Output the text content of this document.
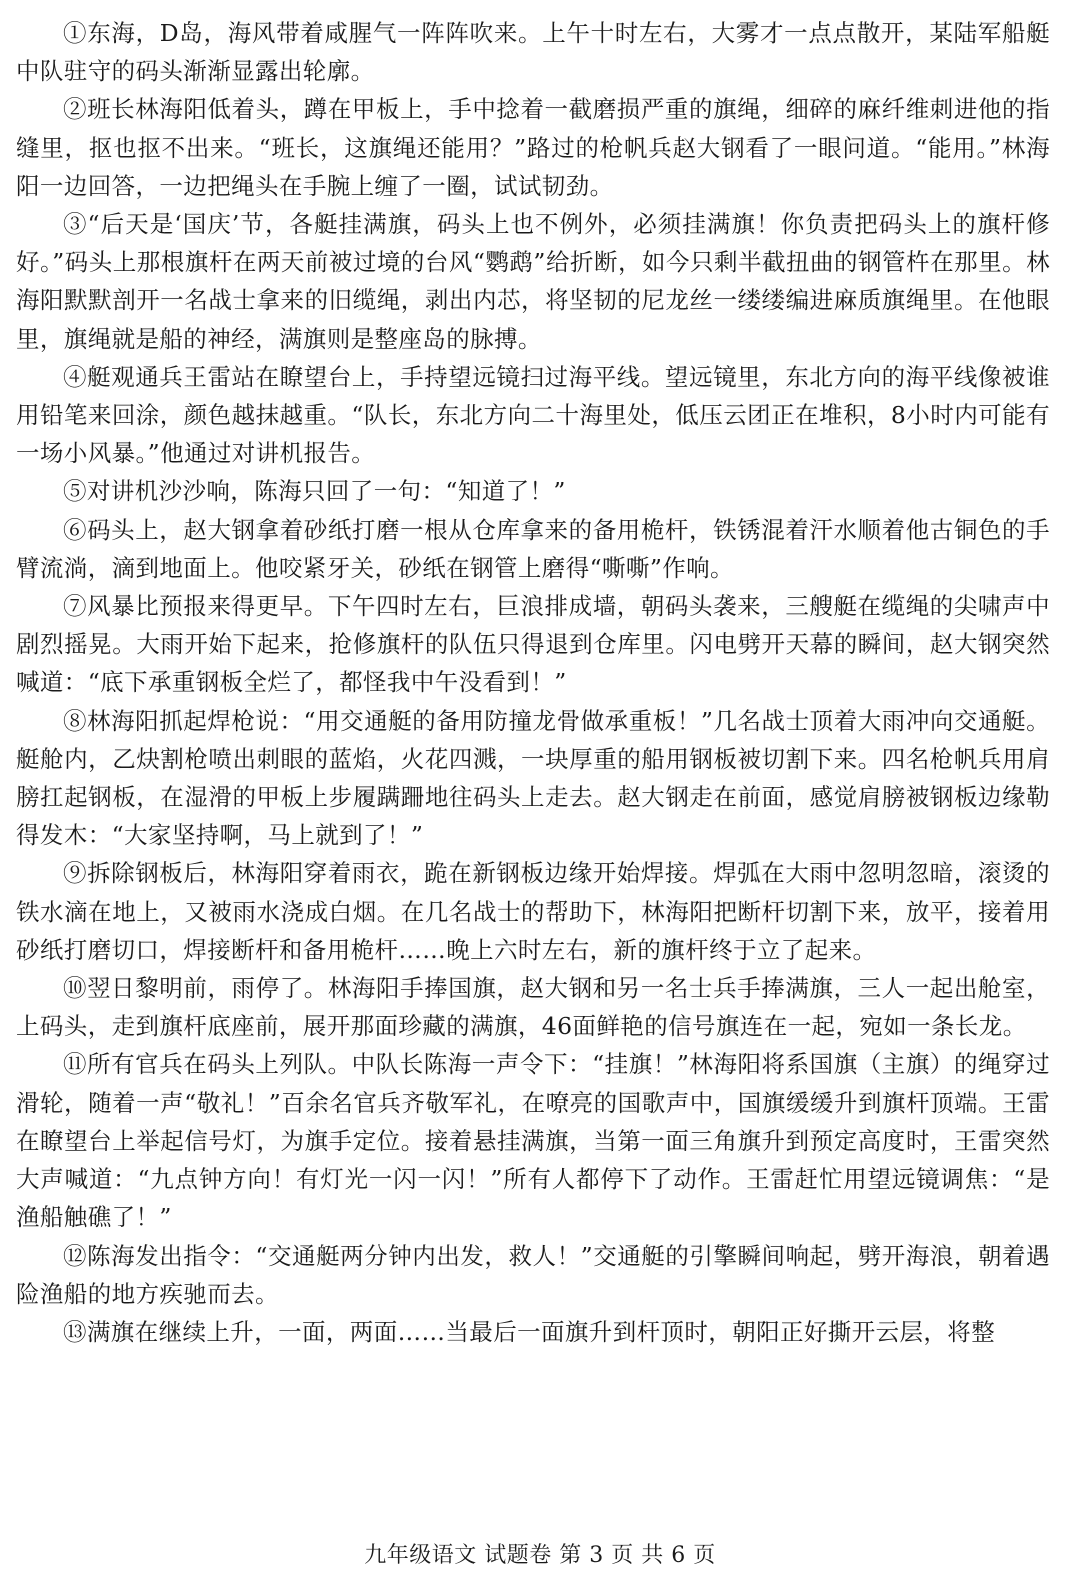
①东海，D岛，海风带着咸腥气一阵阵吹来。上午十时左右，大雾才一点点散开，某陆军船艇中队驻守的码头渐渐显露出轮廓。

②班长林海阳低着头，蹲在甲板上，手中捻着一截磨损严重的旗绳，细碎的麻纤维刺进他的指缝里，抠也抠不出来。“班长，这旗绳还能用？”路过的枪帆兵赵大钢看了一眼问道。“能用。”林海阳一边回答，一边把绳头在手腕上缠了一圈，试试韧劲。

③“后天是‘国庆’节，各艇挂满旗，码头上也不例外，必须挂满旗！你负责把码头上的旗杆修好。”码头上那根旗杆在两天前被过境的台风“鹦鹉”给折断，如今只剩半截扭曲的钢管杵在那里。林海阳默默剖开一名战士拿来的旧缆绳，剥出内芯，将坚韧的尼龙丝一缕缕编进麻质旗绳里。在他眼里，旗绳就是船的神经，满旗则是整座岛的脉搏。

④艇观通兵王雷站在瞭望台上，手持望远镜扫过海平线。望远镜里，东北方向的海平线像被谁用铅笔来回涂，颜色越抹越重。“队长，东北方向二十海里处，低压云团正在堆积，8小时内可能有一场小风暴。”他通过对讲机报告。

⑤对讲机沙沙响，陈海只回了一句：“知道了！”

⑥码头上，赵大钢拿着砂纸打磨一根从仓库拿来的备用桅杆，铁锈混着汗水顺着他古铜色的手臂流淌，滴到地面上。他咬紧牙关，砂纸在钢管上磨得“嘶嘶”作响。

⑦风暴比预报来得更早。下午四时左右，巨浪排成墙，朝码头袭来，三艘艇在缆绳的尖啸声中剧烈摇晃。大雨开始下起来，抢修旗杆的队伍只得退到仓库里。闪电劈开天幕的瞬间，赵大钢突然喊道：“底下承重钢板全烂了，都怪我中午没看到！”

⑧林海阳抓起焊枪说：“用交通艇的备用防撞龙骨做承重板！”几名战士顶着大雨冲向交通艇。艇舱内，乙炔割枪喷出刺眼的蓝焰，火花四溅，一块厚重的船用钢板被切割下来。四名枪帆兵用肩膀扛起钢板，在湿滑的甲板上步履蹒跚地往码头上走去。赵大钢走在前面，感觉肩膀被钢板边缘勒得发木：“大家坚持啊，马上就到了！”

⑨拆除钢板后，林海阳穿着雨衣，跪在新钢板边缘开始焊接。焊弧在大雨中忽明忽暗，滚烫的铁水滴在地上，又被雨水浇成白烟。在几名战士的帮助下，林海阳把断杆切割下来，放平，接着用砂纸打磨切口，焊接断杆和备用桅杆……晚上六时左右，新的旗杆终于立了起来。

⑩翌日黎明前，雨停了。林海阳手捧国旗，赵大钢和另一名士兵手捧满旗，三人一起出舱室，上码头，走到旗杆底座前，展开那面珍藏的满旗，46面鲜艳的信号旗连在一起，宛如一条长龙。

⑪所有官兵在码头上列队。中队长陈海一声令下：“挂旗！”林海阳将系国旗（主旗）的绳穿过滑轮，随着一声“敬礼！”百余名官兵齐敬军礼，在嘹亮的国歌声中，国旗缓缓升到旗杆顶端。王雷在瞭望台上举起信号灯，为旗手定位。接着悬挂满旗，当第一面三角旗升到预定高度时，王雷突然大声喊道：“九点钟方向！有灯光一闪一闪！”所有人都停下了动作。王雷赶忙用望远镜调焦：“是渔船触礁了！”

⑫陈海发出指令：“交通艇两分钟内出发，救人！”交通艇的引擎瞬间响起，劈开海浪，朝着遇险渔船的地方疾驰而去。

⑬满旗在继续上升，一面，两面……当最后一面旗升到杆顶时，朝阳正好撕开云层，将整

九年级语文 试题卷 第 3 页 共 6 页
